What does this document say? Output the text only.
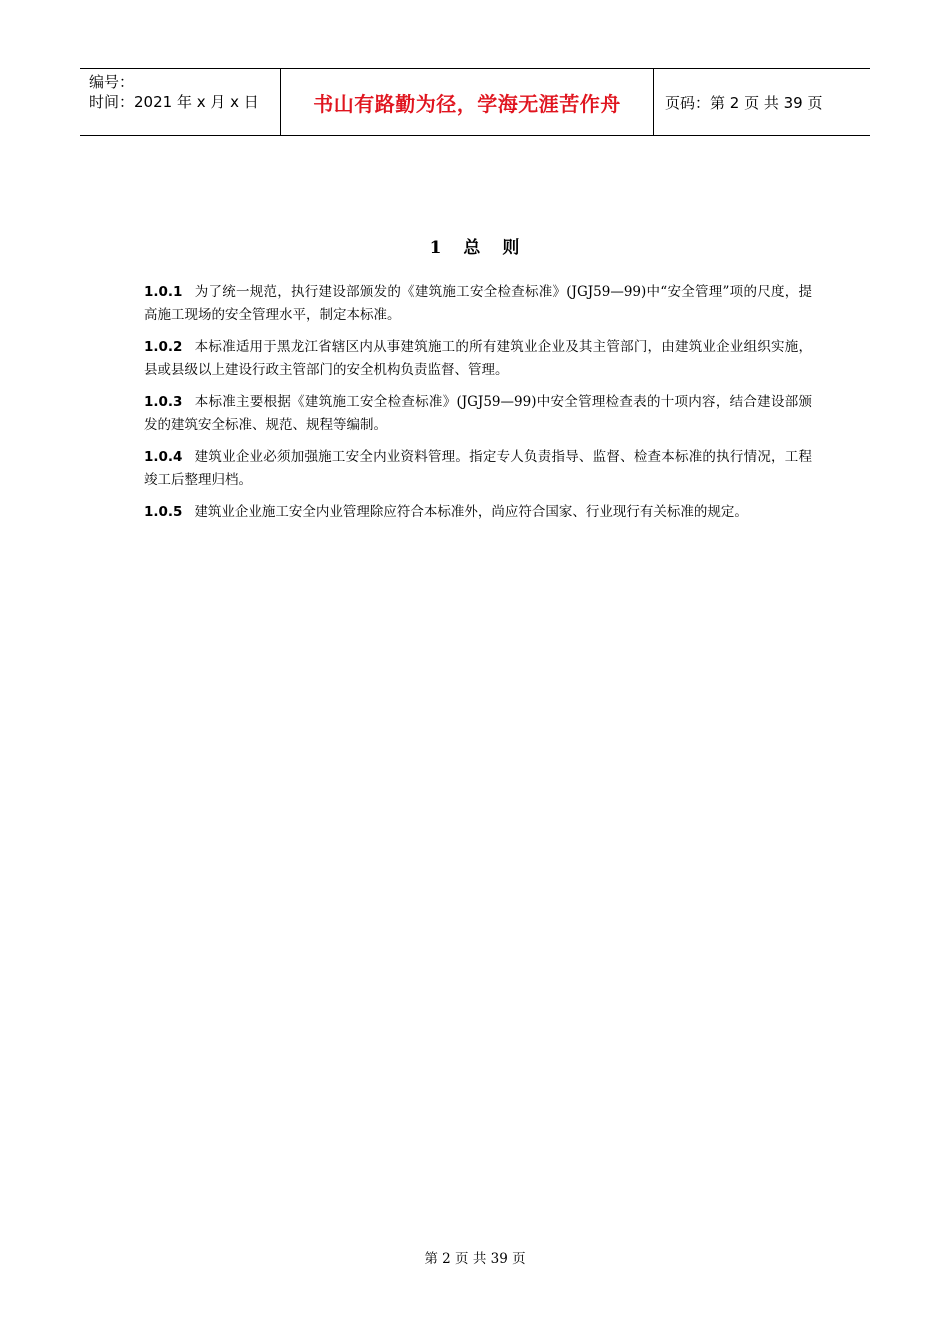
编号：
时间：2021 年 x 月 x 日	书山有路勤为径，学海无涯苦作舟	页码：第 2 页 共 39 页
1 总 则

1.0.1 为了统一规范，执行建设部颁发的《建筑施工安全检查标准》(JGJ59—99)中“安全管理”项的尺度，提高施工现场的安全管理水平，制定本标准。

1.0.2 本标准适用于黑龙江省辖区内从事建筑施工的所有建筑业企业及其主管部门，由建筑业企业组织实施，县或县级以上建设行政主管部门的安全机构负责监督、管理。

1.0.3 本标准主要根据《建筑施工安全检查标准》(JGJ59—99)中安全管理检查表的十项内容，结合建设部颁发的建筑安全标准、规范、规程等编制。

1.0.4 建筑业企业必须加强施工安全内业资料管理。指定专人负责指导、监督、检查本标准的执行情况，工程竣工后整理归档。

1.0.5 建筑业企业施工安全内业管理除应符合本标准外，尚应符合国家、行业现行有关标准的规定。

第 2 页 共 39 页
